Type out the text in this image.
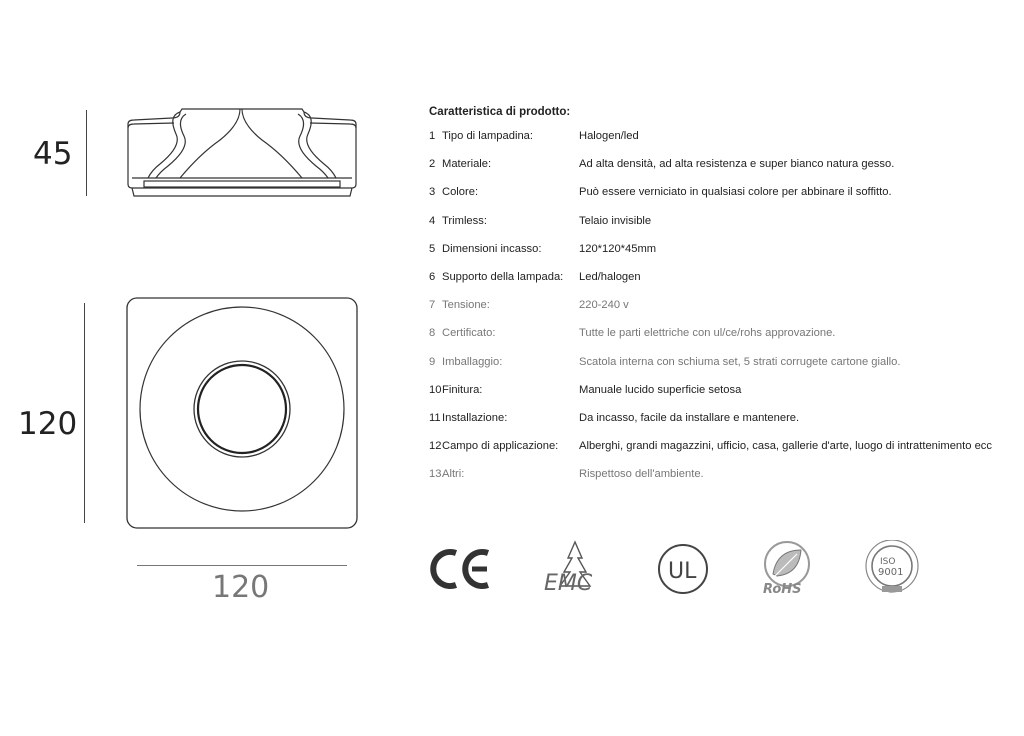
45
120
120
Caratteristica di prodotto:
1 Tipo di lampadina:	Halogen/led
2 Materiale:	Ad alta densità, ad alta resistenza e super bianco natura gesso.
3 Colore:	Può essere verniciato in qualsiasi colore per abbinare il soffitto.
4 Trimless:	Telaio invisible
5 Dimensioni incasso:	120*120*45mm
6 Supporto della lampada: Led/halogen
7 Tensione:	220-240 v
8 Certificato:	Tutte le parti elettriche con ul/ce/rohs approvazione.
9 Imballaggio:	Scatola interna con schiuma set, 5 strati corrugete cartone giallo.
10 Finitura:	Manuale lucido superficie setosa
11 Installazione:	Da incasso, facile da installare e mantenere.
12 Campo di applicazione: Alberghi, grandi magazzini, ufficio, casa, gallerie d'arte, luogo di intrattenimento ecc
13 Altri:	Rispettoso dell'ambiente.
EMC	UL
RoHS
ISO
9001
